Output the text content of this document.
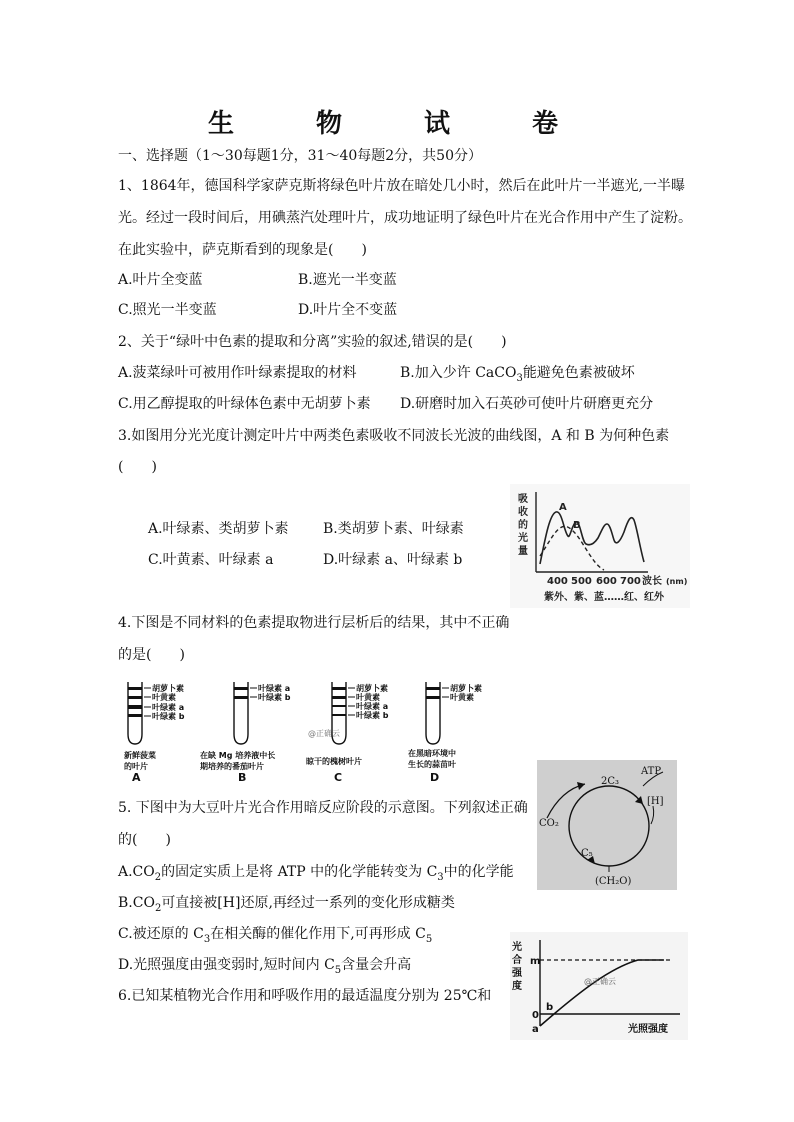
生　物　试　卷
一、选择题（1～30每题1分，31～40每题2分，共50分）
1、1864年，德国科学家萨克斯将绿色叶片放在暗处几小时，然后在此叶片一半遮光,一半曝
光。经过一段时间后，用碘蒸汽处理叶片，成功地证明了绿色叶片在光合作用中产生了淀粉。
在此实验中，萨克斯看到的现象是(　　)
A.叶片全变蓝	B.遮光一半变蓝
C.照光一半变蓝	D.叶片全不变蓝
2、关于“绿叶中色素的提取和分离”实验的叙述,错误的是(　　)
A.菠菜绿叶可被用作叶绿素提取的材料	B.加入少许 CaCO$_3$能避免色素被破坏
C.用乙醇提取的叶绿体色素中无胡萝卜素 D.研磨时加入石英砂可使叶片研磨更充分
3.如图用分光光度计测定叶片中两类色素吸收不同波长光波的曲线图，A 和 B 为何种色素
(　　)
A.叶绿素、类胡萝卜素 B.类胡萝卜素、叶绿素
C.叶黄素、叶绿素 a	D.叶绿素 a、叶绿素 b
吸
收
的
光
量
A
B
400 500 600 700 波长 (nm)
紫外、紫、蓝……红、红外
4.下图是不同材料的色素提取物进行层析后的结果，其中不正确
的是(　　)
胡萝卜素
叶黄素
叶绿素 a
叶绿素 b
新鲜菠菜
的叶片
A
叶绿素 a
叶绿素 b
在缺 Mg 培养液中长
期培养的番茄叶片
B
胡萝卜素
叶黄素
叶绿素 a
叶绿素 b
@正确云
晾干的槐树叶片
C
胡萝卜素
叶黄素
在黑暗环境中
生长的蒜苗叶
D
5. 下图中为大豆叶片光合作用暗反应阶段的示意图。下列叙述正确
的(　　)
$A.CO_2$的固定实质上是将 ATP 中的化学能转变为 $C_3$中的化学能
$B.CO_2$可直接被[H]还原,再经过一系列的变化形成糖类
C.被还原的 $C_3$在相关酶的催化作用下,可再形成 $C_5$
D.光照强度由强变弱时,短时间内 $C_5$含量会升高
2C₃
ATP
[H]
CO₂
C₅
(CH₂O)
6.已知某植物光合作用和呼吸作用的最适温度分别为 25℃和
光
合
强
度
m
b
0
a
@正确云
光照强度
